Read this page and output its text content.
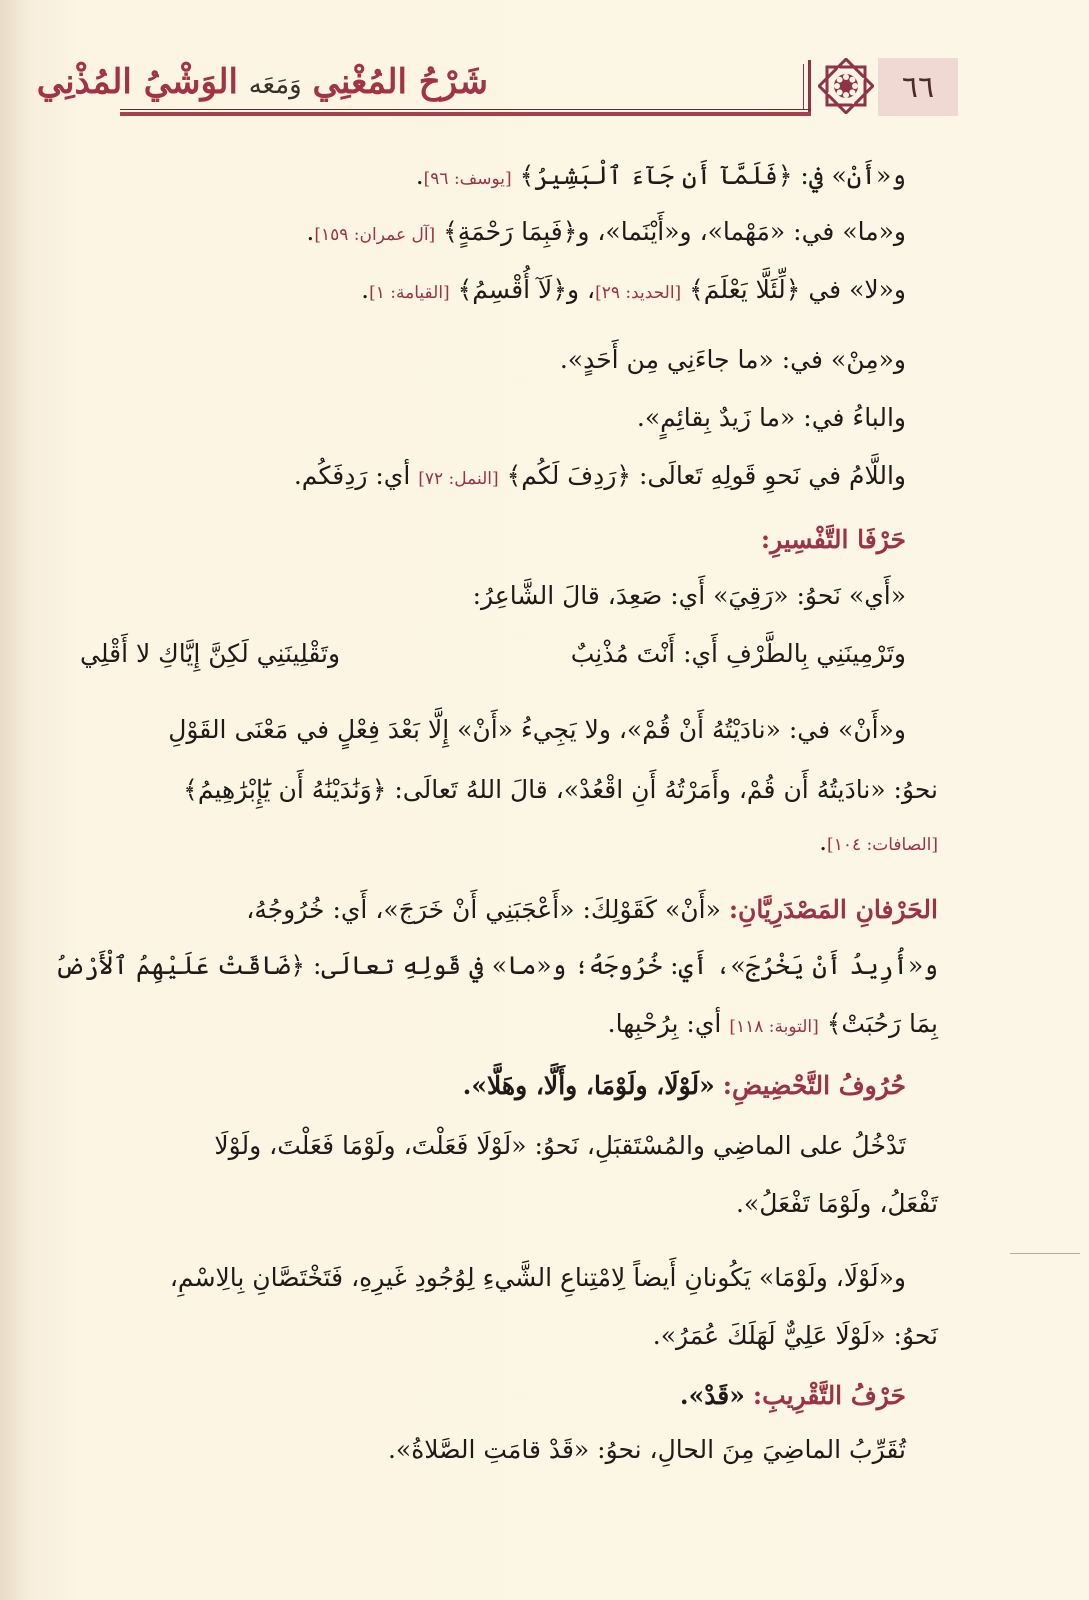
٦٦
شَرْحُ المُغْنِي وَمَعَه الوَشْيُ المُذْنِي
و«أَنْ» في: ﴿فَلَمَّآ أَن جَآءَ ٱلْبَشِيرُ﴾ [يوسف: ٩٦].
و«ما» في: «مَهْما»، و«أَيْنَما»، و﴿فَبِمَا رَحْمَةٍ﴾ [آل عمران: ١٥٩].
و«لا» في ﴿لِّئَلَّا يَعْلَمَ﴾ [الحديد: ٢٩]، و﴿لَآ أُقْسِمُ﴾ [القيامة: ١].
و«مِنْ» في: «ما جاءَنِي مِن أَحَدٍ».
والباءُ في: «ما زَيدٌ بِقائِمٍ».
واللَّامُ في نَحوِ قَولِهِ تَعالَى: ﴿رَدِفَ لَكُم﴾ [النمل: ٧٢] أي: رَدِفَكُم.
حَرْفَا التَّفْسِيرِ:
«أَي» نَحوُ: «رَقِيَ» أَي: صَعِدَ، قالَ الشَّاعِرُ:
وتَرْمِينَنِي بِالطَّرْفِ أَي: أَنْتَ مُذْنِبٌ
وتَقْلِينَنِي لَكِنَّ إِيَّاكِ لا أَقْلِي
و«أَنْ» في: «نادَيْتُهُ أَنْ قُمْ»، ولا يَجِيءُ «أَنْ» إِلَّا بَعْدَ فِعْلٍ في مَعْنَى القَوْلِ
نحوُ: «نادَيتُهُ أَن قُمْ، وأَمَرْتُهُ أَنِ اقْعُدْ»، قالَ اللهُ تَعالَى: ﴿وَنَٰدَيْنَٰهُ أَن يَٰٓإِبْرَٰهِيمُ﴾
[الصافات: ١٠٤].
الحَرْفانِ المَصْدَرِيَّانِ: «أَنْ» كَقَوْلِكَ: «أَعْجَبَنِي أَنْ خَرَجَ»، أَي: خُرُوجُهُ،
و«أُرِيدُ أَنْ يَخْرُجَ»، أَي: خُرُوجَهُ؛ و«ما» في قَولِهِ تعالَى: ﴿ضَاقَتْ عَلَيْهِمُ ٱلْأَرْضُ
بِمَا رَحُبَتْ﴾ [التوبة: ١١٨] أي: بِرُحْبِها.
حُرُوفُ التَّحْضِيضِ: «لَوْلَا، ولَوْمَا، وأَلَّا، وهَلَّا».
تَدْخُلُ على الماضِي والمُسْتَقبَلِ، نَحوُ: «لَوْلَا فَعَلْتَ، ولَوْمَا فَعَلْتَ، ولَوْلَا
تَفْعَلُ، ولَوْمَا تَفْعَلُ».
و«لَوْلَا، ولَوْمَا» يَكُونانِ أَيضاً لِامْتِناعِ الشَّيءِ لِوُجُودِ غَيرِهِ، فَتَخْتَصَّانِ بِالِاسْمِ،
نَحوُ: «لَوْلَا عَلِيٌّ لَهَلَكَ عُمَرُ».
حَرْفُ التَّقْرِيبِ: «قَدْ».
تُقَرِّبُ الماضِيَ مِنَ الحالِ، نحوُ: «قَدْ قامَتِ الصَّلاةُ».
